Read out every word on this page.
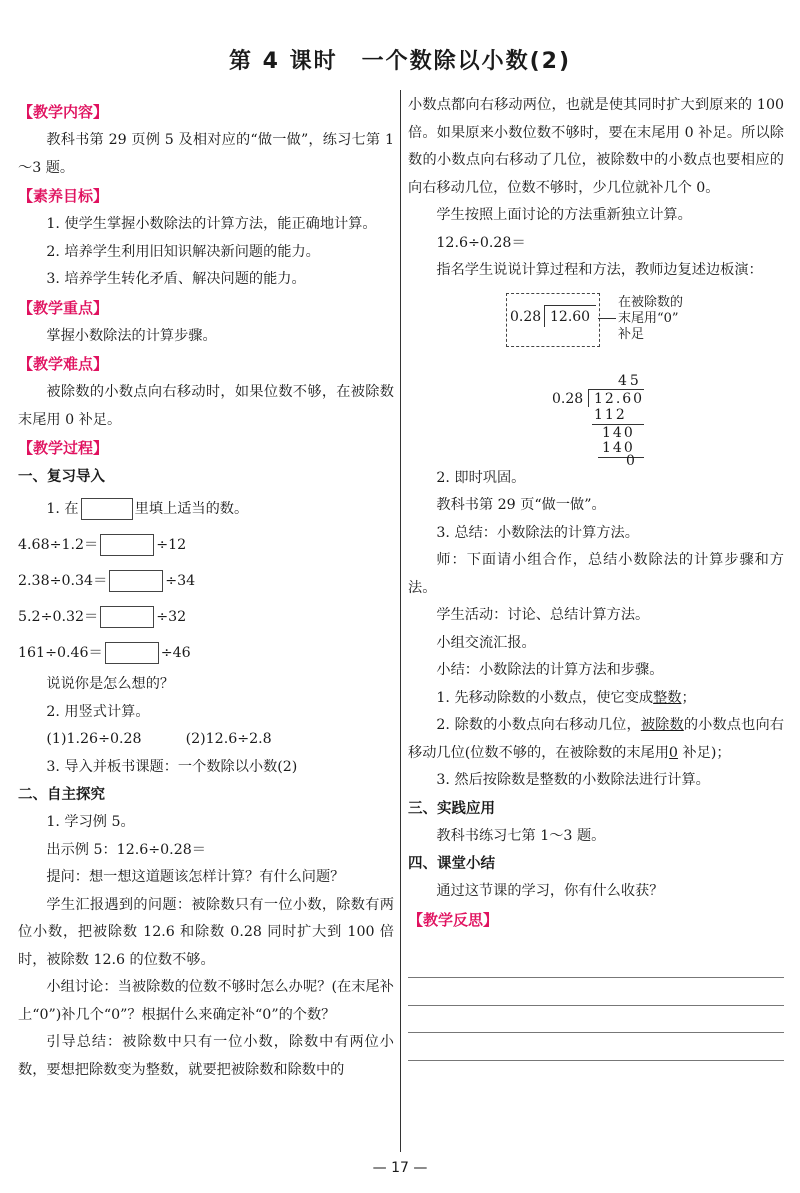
第 4 课时　一个数除以小数(2)
【教学内容】

教科书第 29 页例 5 及相对应的“做一做”，练习七第 1～3 题。

【素养目标】

1. 使学生掌握小数除法的计算方法，能正确地计算。

2. 培养学生利用旧知识解决新问题的能力。

3. 培养学生转化矛盾、解决问题的能力。

【教学重点】

掌握小数除法的计算步骤。

【教学难点】

被除数的小数点向右移动时，如果位数不够，在被除数末尾用 0 补足。

【教学过程】
一、复习导入

1. 在	里填上适当的数。

4.68÷1.2＝	÷12

2.38÷0.34＝	÷34

5.2÷0.32＝	÷32

161÷0.46＝	÷46

说说你是怎么想的？

2. 用竖式计算。

(1)1.26÷0.28	(2)12.6÷2.8

3. 导入并板书课题：一个数除以小数(2)

二、自主探究

1. 学习例 5。

出示例 5：12.6÷0.28＝

提问：想一想这道题该怎样计算？有什么问题？

学生汇报遇到的问题：被除数只有一位小数，除数有两位小数，把被除数 12.6 和除数 0.28 同时扩大到 100 倍时，被除数 12.6 的位数不够。

小组讨论：当被除数的位数不够时怎么办呢？(在末尾补上“0”)补几个“0”？根据什么来确定补“0”的个数？

引导总结：被除数中只有一位小数，除数中有两位小数，要想把除数变为整数，就要把被除数和除数中的

小数点都向右移动两位，也就是使其同时扩大到原来的 100 倍。如果原来小数位数不够时，要在末尾用 0 补足。所以除数的小数点向右移动了几位，被除数中的小数点也要相应的向右移动几位，位数不够时，少几位就补几个 0。

学生按照上面讨论的方法重新独立计算。

12.6÷0.28＝

指名学生说说计算过程和方法，教师边复述边板演：

0.28 12.60
在被除数的
末尾用“0”
补足
45
0.28 12.60
112
140
140
0

2. 即时巩固。

教科书第 29 页“做一做”。

3. 总结：小数除法的计算方法。

师：下面请小组合作，总结小数除法的计算步骤和方法。

学生活动：讨论、总结计算方法。

小组交流汇报。

小结：小数除法的计算方法和步骤。

1. 先移动除数的小数点，使它变成整数；

2. 除数的小数点向右移动几位，被除数的小数点也向右移动几位(位数不够的，在被除数的末尾用0 补足)；

3. 然后按除数是整数的小数除法进行计算。

三、实践应用

教科书练习七第 1～3 题。

四、课堂小结

通过这节课的学习，你有什么收获？

【教学反思】
— 17 —
